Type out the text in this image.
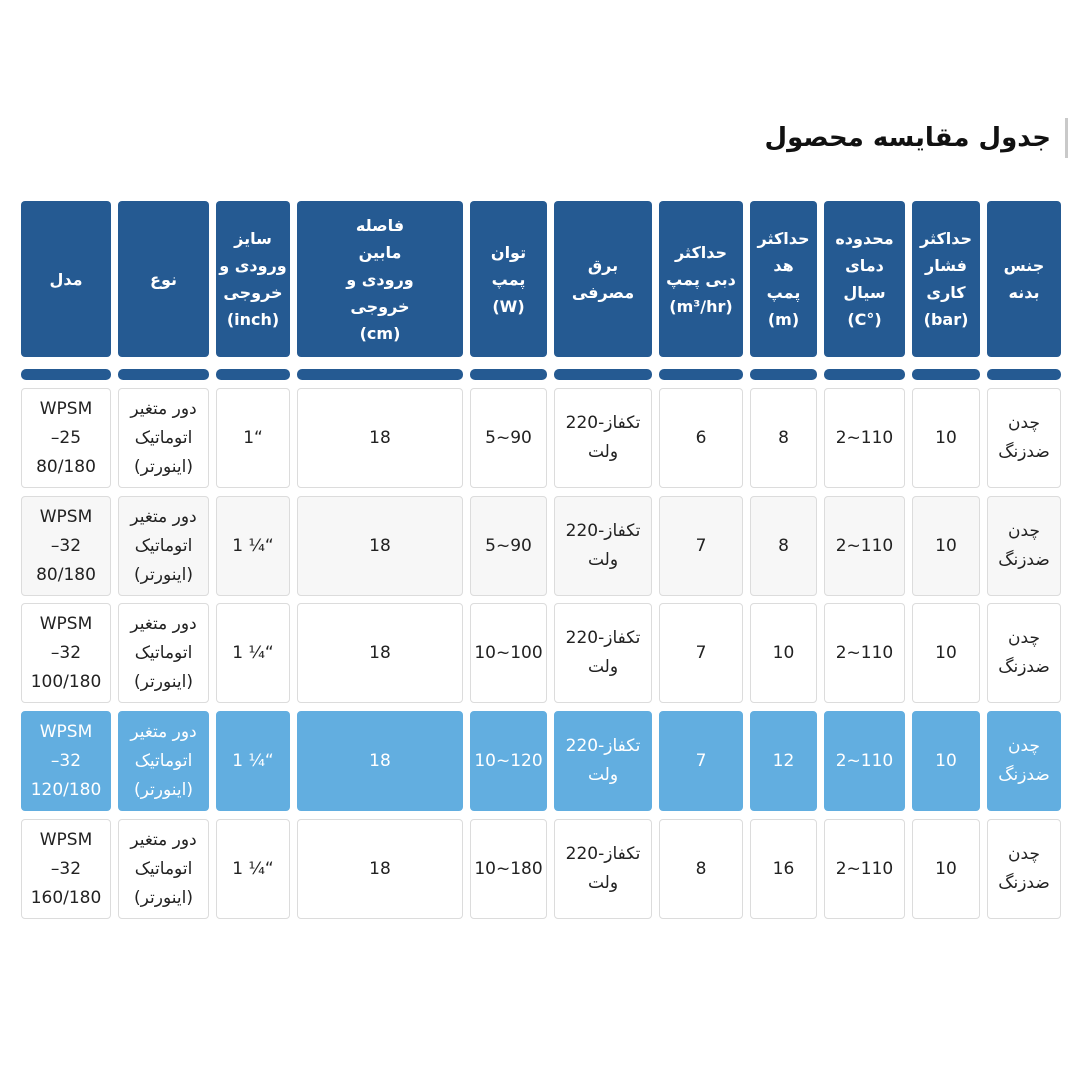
جدول مقایسه محصول
جنس
بدنه
حداکثر
فشار
کاری
(bar)
محدوده
دمای
سیال
(°C)
حداکثر
هد
پمپ
(m)
حداکثر
دبی پمپ
(m³/hr)
برق مصرفی
توان
پمپ
(W)
فاصله
مابین
ورودی و
خروجی
(cm)
سایز
ورودی و
خروجی
(inch)
نوع
مدل
چدن
ضدزنگ
10
2~110
8
6
تکفاز-220
ولت
5~90
18
1“
دور متغیر
اتوماتیک
(اینورتر)
WPSM
25–
80/180
چدن
ضدزنگ
10
2~110
8
7
تکفاز-220
ولت
5~90
18
1 ¼“
دور متغیر
اتوماتیک
(اینورتر)
WPSM
32–
80/180
چدن
ضدزنگ
10
2~110
10
7
تکفاز-220
ولت
10~100
18
1 ¼“
دور متغیر
اتوماتیک
(اینورتر)
WPSM
32–
100/180
چدن
ضدزنگ
10
2~110
12
7
تکفاز-220
ولت
10~120
18
1 ¼“
دور متغیر
اتوماتیک
(اینورتر)
WPSM
32–
120/180
چدن
ضدزنگ
10
2~110
16
8
تکفاز-220
ولت
10~180
18
1 ¼“
دور متغیر
اتوماتیک
(اینورتر)
WPSM
32–
160/180
